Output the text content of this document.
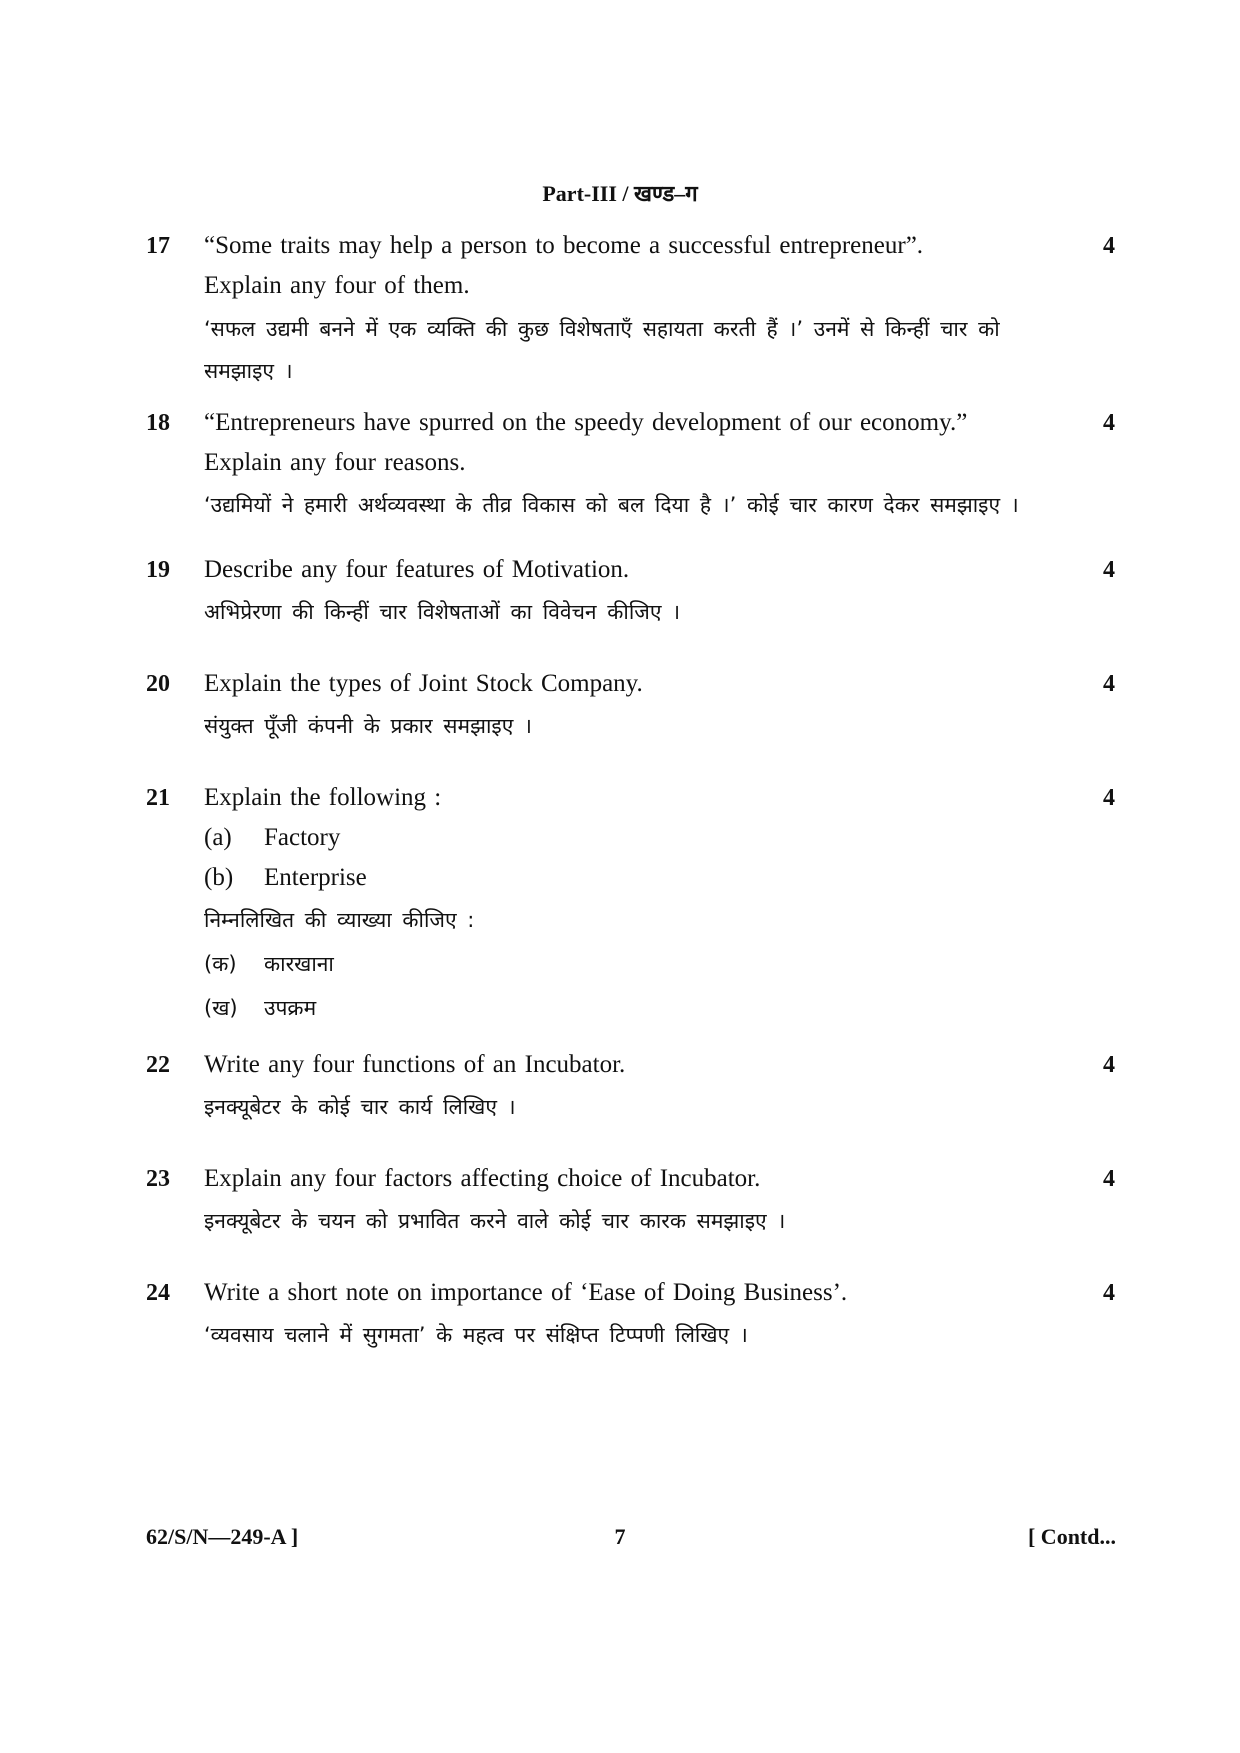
Part-III / खण्ड–ग
17 “Some traits may help a person to become a successful entrepreneur”.
Explain any four of them.
‘सफल उद्यमी बनने में एक व्यक्ति की कुछ विशेषताएँ सहायता करती हैं ।’ उनमें से किन्हीं चार को समझाइए ।
4
18 “Entrepreneurs have spurred on the speedy development of our economy.”
Explain any four reasons.
‘उद्यमियों ने हमारी अर्थव्यवस्था के तीव्र विकास को बल दिया है ।’ कोई चार कारण देकर समझाइए ।
4
19 Describe any four features of Motivation.
अभिप्रेरणा की किन्हीं चार विशेषताओं का विवेचन कीजिए ।
4
20 Explain the types of Joint Stock Company.
संयुक्त पूँजी कंपनी के प्रकार समझाइए ।
4
21 Explain the following :
(a)	Factory
(b)	Enterprise
निम्नलिखित की व्याख्या कीजिए :
(क)	कारखाना
(ख)	उपक्रम
4
22 Write any four functions of an Incubator.
इनक्यूबेटर के कोई चार कार्य लिखिए ।
4
23 Explain any four factors affecting choice of Incubator.
इनक्यूबेटर के चयन को प्रभावित करने वाले कोई चार कारक समझाइए ।
4
24 Write a short note on importance of ‘Ease of Doing Business’.
‘व्यवसाय चलाने में सुगमता’ के महत्व पर संक्षिप्त टिप्पणी लिखिए ।
4
62/S/N—249-A ]	7	[ Contd...
